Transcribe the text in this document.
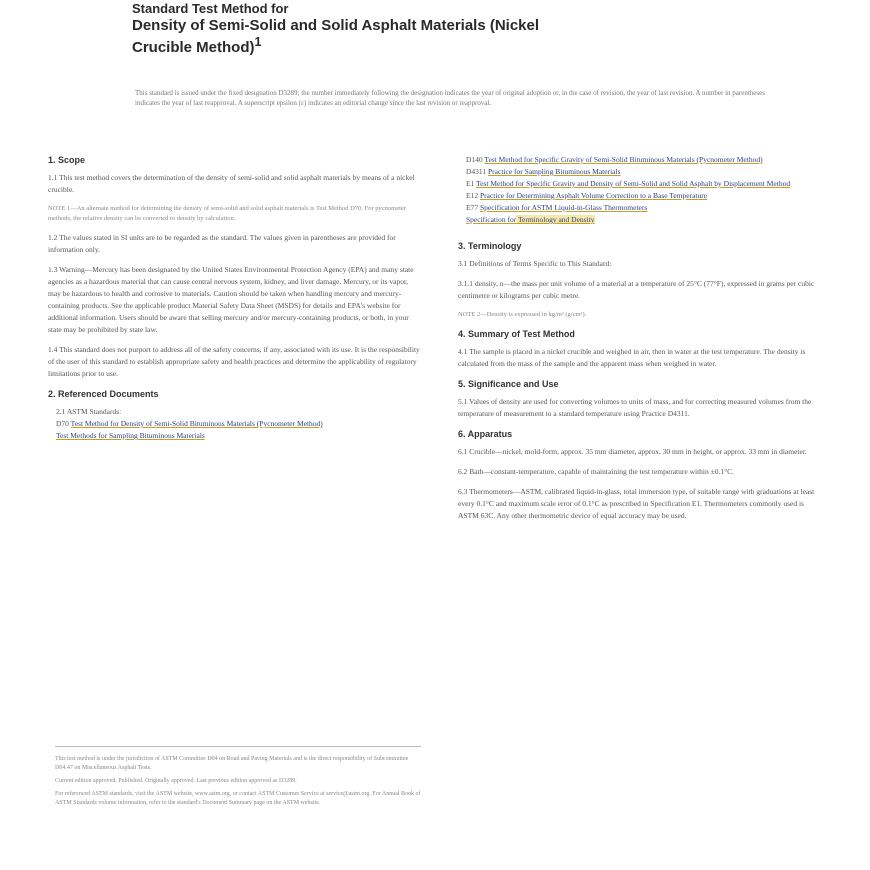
Standard Test Method for
Density of Semi-Solid and Solid Asphalt Materials (Nickel
Crucible Method)$^1$
This standard is issued under the fixed designation D3289; the number immediately following the designation indicates the year of original adoption or, in the case of revision, the year of last revision. A number in parentheses indicates the year of last reapproval. A superscript epsilon (ε) indicates an editorial change since the last revision or reapproval.
1. Scope

1.1 This test method covers the determination of the density of semi-solid and solid asphalt materials by means of a nickel crucible.

NOTE 1—An alternate method for determining the density of semi-solid and solid asphalt materials is Test Method D70. For pycnometer methods, the relative density can be converted to density by calculation.

1.2 The values stated in SI units are to be regarded as the standard. The values given in parentheses are provided for information only.

1.3 Warning—Mercury has been designated by the United States Environmental Protection Agency (EPA) and many state agencies as a hazardous material that can cause central nervous system, kidney, and liver damage. Mercury, or its vapor, may be hazardous to health and corrosive to materials. Caution should be taken when handling mercury and mercury-containing products. See the applicable product Material Safety Data Sheet (MSDS) for details and EPA's website for additional information. Users should be aware that selling mercury and/or mercury-containing products, or both, in your state may be prohibited by state law.

1.4 This standard does not purport to address all of the safety concerns, if any, associated with its use. It is the responsibility of the user of this standard to establish appropriate safety and health practices and determine the applicability of regulatory limitations prior to use.

2. Referenced Documents

2.1 ASTM Standards:

D70 Test Method for Density of Semi-Solid Bituminous Materials (Pycnometer Method)

Test Methods for Sampling Bituminous Materials

D140 Test Method for Specific Gravity of Semi-Solid Bituminous Materials (Pycnometer Method)

D4311 Practice for Sampling Bituminous Materials

E1 Test Method for Specific Gravity and Density of Semi-Solid and Solid Asphalt by Displacement Method

E12 Practice for Determining Asphalt Volume Correction to a Base Temperature

E77 Specification for ASTM Liquid-in-Glass Thermometers

Specification for Terminology and Density

3. Terminology

3.1 Definitions of Terms Specific to This Standard:

3.1.1 density, n—the mass per unit volume of a material at a temperature of 25°C (77°F), expressed in grams per cubic centimetre or kilograms per cubic metre.

NOTE 2—Density is expressed in kg/m³ (g/cm³).

4. Summary of Test Method

4.1 The sample is placed in a nickel crucible and weighed in air, then in water at the test temperature. The density is calculated from the mass of the sample and the apparent mass when weighed in water.

5. Significance and Use

5.1 Values of density are used for converting volumes to units of mass, and for correcting measured volumes from the temperature of measurement to a standard temperature using Practice D4311.

6. Apparatus

6.1 Crucible—nickel, mold-form, approx. 35 mm diameter, approx. 30 mm in height, or approx. 33 mm in diameter.

6.2 Bath—constant-temperature, capable of maintaining the test temperature within ±0.1°C.

6.3 Thermometers—ASTM, calibrated liquid-in-glass, total immersion type, of suitable range with graduations at least every 0.1°C and maximum scale error of 0.1°C as prescribed in Specification E1. Thermometers commonly used is ASTM 63C. Any other thermometric device of equal accuracy may be used.

This test method is under the jurisdiction of ASTM Committee D04 on Road and Paving Materials and is the direct responsibility of Subcommittee D04.47 on Miscellaneous Asphalt Tests.

Current edition approved. Published. Originally approved. Last previous edition approved as D3289.

For referenced ASTM standards, visit the ASTM website, www.astm.org, or contact ASTM Customer Service at service@astm.org. For Annual Book of ASTM Standards volume information, refer to the standard's Document Summary page on the ASTM website.
